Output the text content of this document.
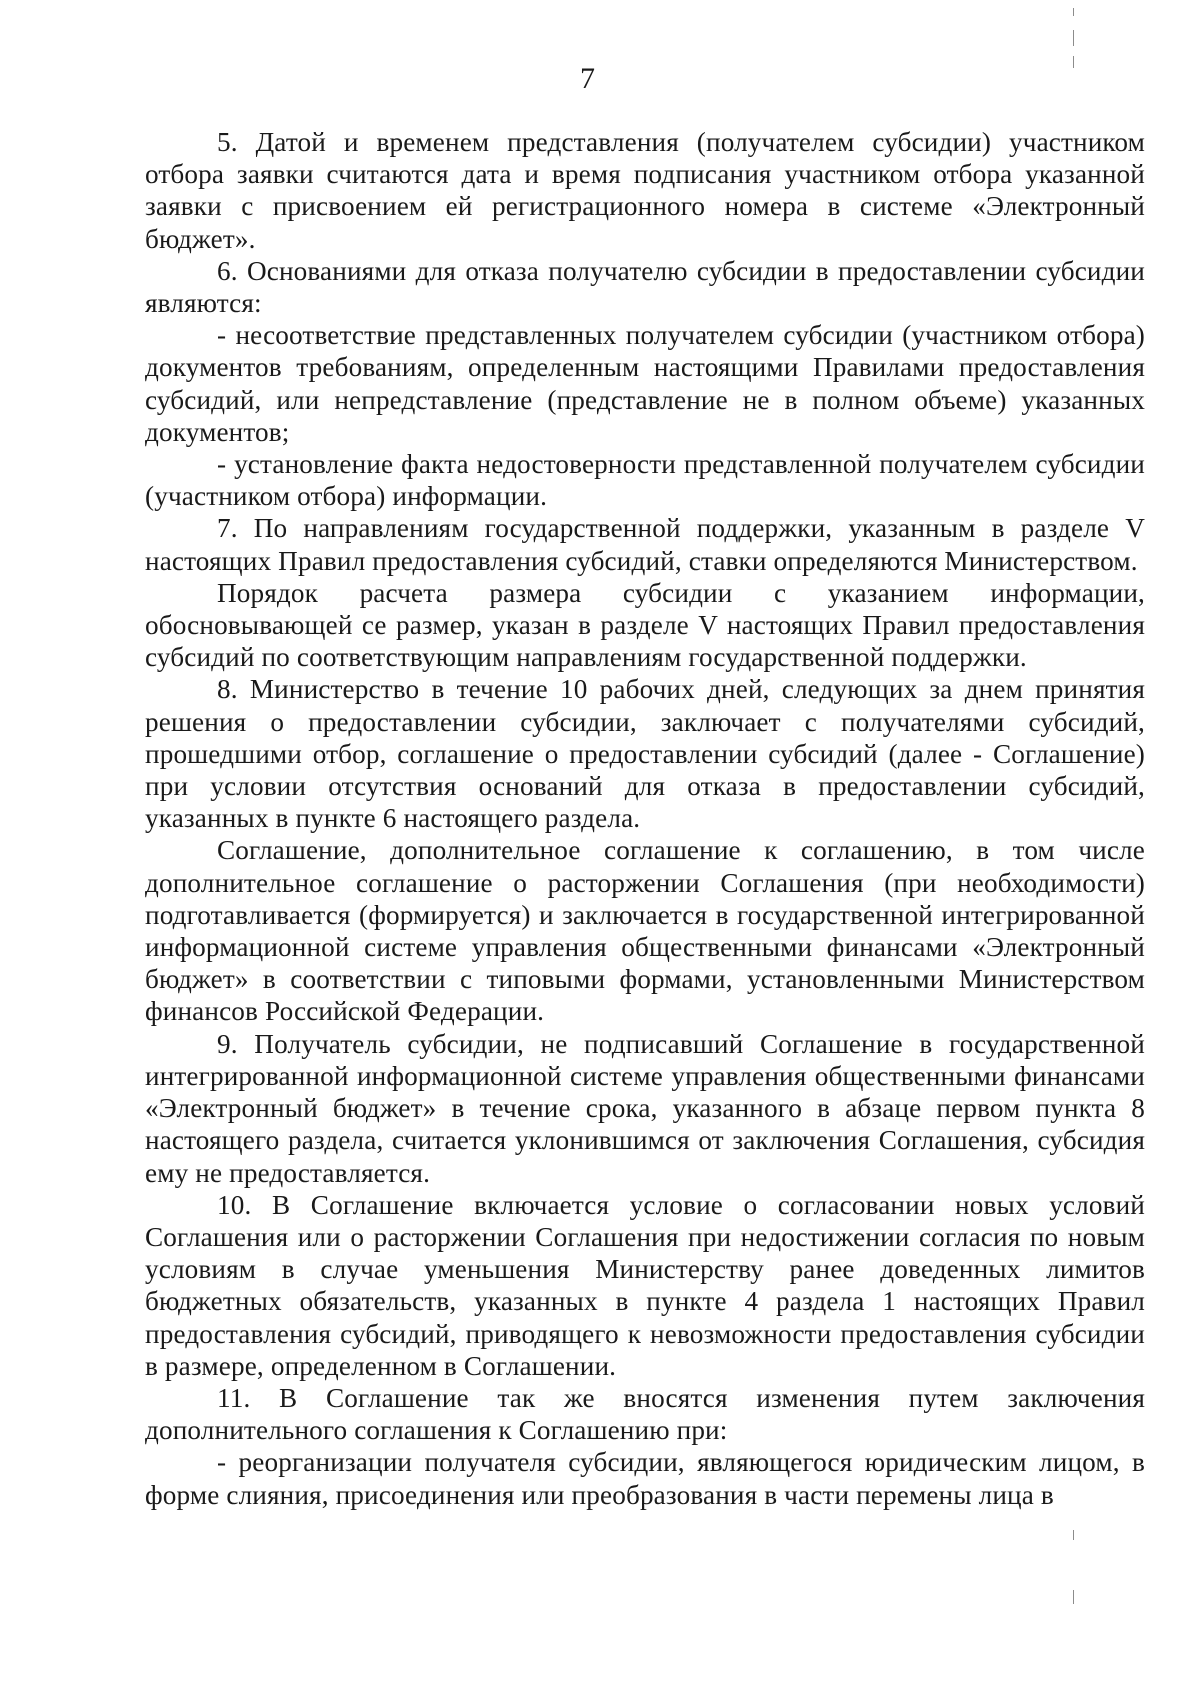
7

5. Датой и временем представления (получателем субсидии) участником отбора заявки считаются дата и время подписания участником отбора указанной заявки с присвоением ей регистрационного номера в системе «Электронный бюджет».

6. Основаниями для отказа получателю субсидии в предоставлении субсидии являются:

- несоответствие представленных получателем субсидии (участником отбора) документов требованиям, определенным настоящими Правилами предоставления субсидий, или непредставление (представление не в полном объеме) указанных документов;

- установление факта недостоверности представленной получателем субсидии (участником отбора) информации.

7. По направлениям государственной поддержки, указанным в разделе V настоящих Правил предоставления субсидий, ставки определяются Министерством.

Порядок расчета размера субсидии с указанием информации, обосновывающей се размер, указан в разделе V настоящих Правил предоставления субсидий по соответствующим направлениям государственной поддержки.

8. Министерство в течение 10 рабочих дней, следующих за днем принятия решения о предоставлении субсидии, заключает с получателями субсидий, прошедшими отбор, соглашение о предоставлении субсидий (далее - Соглашение) при условии отсутствия оснований для отказа в предоставлении субсидий, указанных в пункте 6 настоящего раздела.

Соглашение, дополнительное соглашение к соглашению, в том числе дополнительное соглашение о расторжении Соглашения (при необходимости) подготавливается (формируется) и заключается в государственной интегрированной информационной системе управления общественными финансами «Электронный бюджет» в соответствии с типовыми формами, установленными Министерством финансов Российской Федерации.

9. Получатель субсидии, не подписавший Соглашение в государственной интегрированной информационной системе управления общественными финансами «Электронный бюджет» в течение срока, указанного в абзаце первом пункта 8 настоящего раздела, считается уклонившимся от заключения Соглашения, субсидия ему не предоставляется.

10. В Соглашение включается условие о согласовании новых условий Соглашения или о расторжении Соглашения при недостижении согласия по новым условиям в случае уменьшения Министерству ранее доведенных лимитов бюджетных обязательств, указанных в пункте 4 раздела 1 настоящих Правил предоставления субсидий, приводящего к невозможности предоставления субсидии в размере, определенном в Соглашении.

11. В Соглашение так же вносятся изменения путем заключения дополнительного соглашения к Соглашению при:

- реорганизации получателя субсидии, являющегося юридическим лицом, в форме слияния, присоединения или преобразования в части перемены лица в
